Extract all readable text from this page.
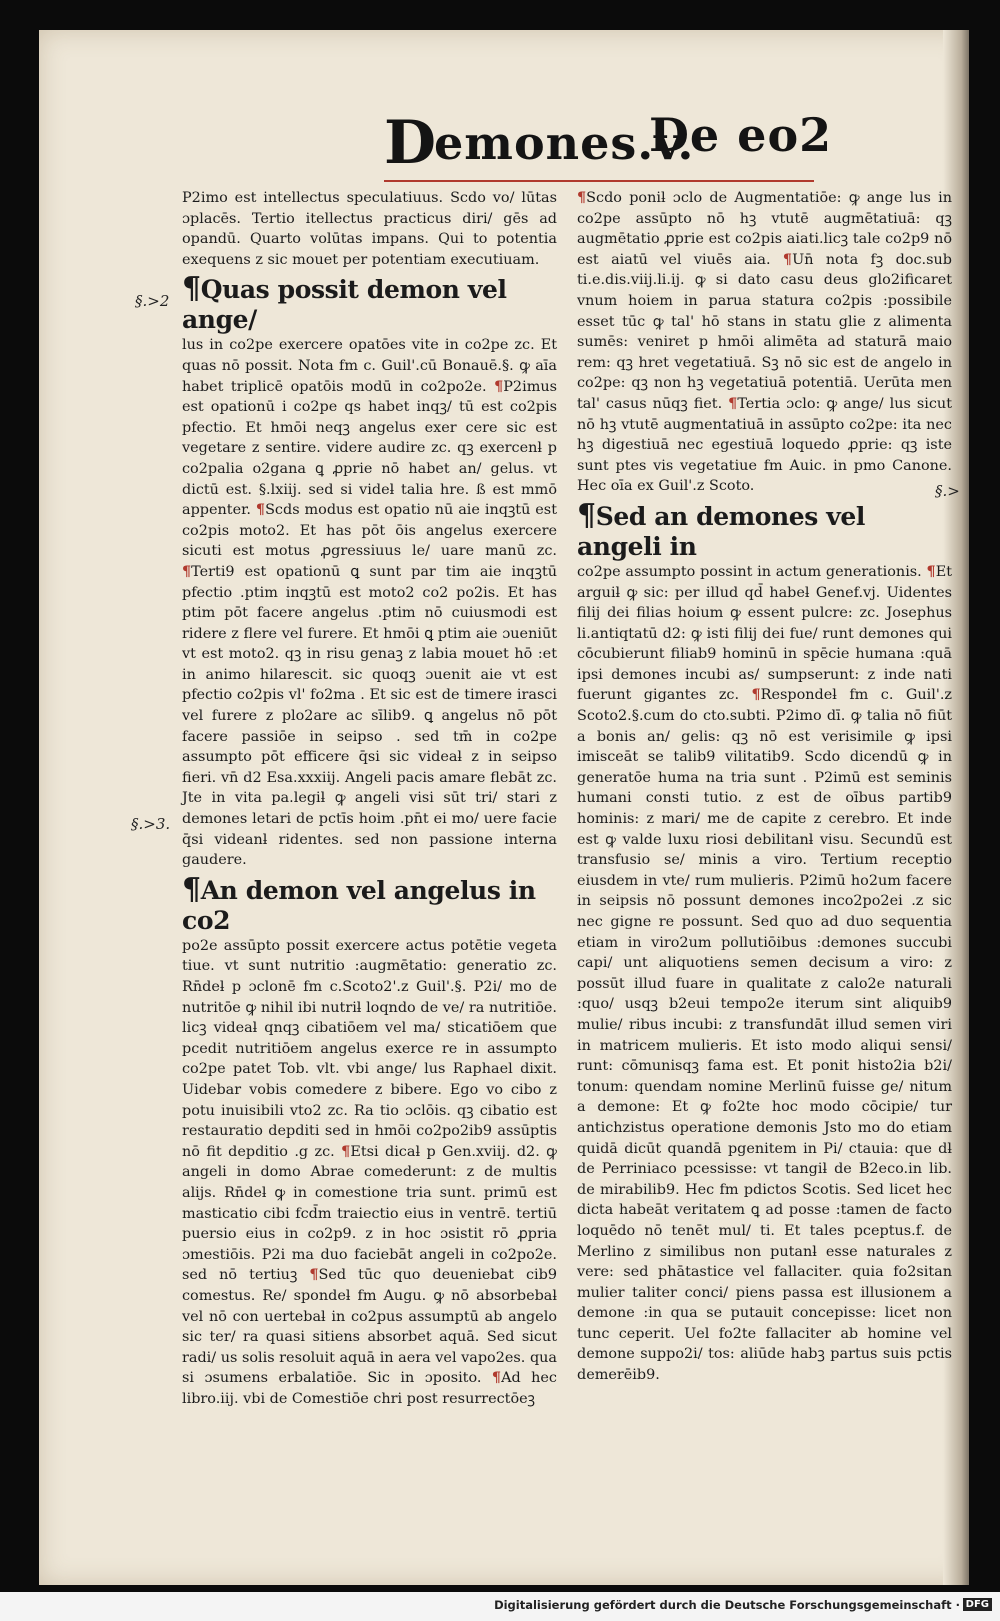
D
emones.v.
De eo2

P2imo est intellectus speculatiuus. Scdo vo/ lūtas ɔplacēs. Tertio itellectus practicus diri/ gēs ad opandū. Quarto volūtas impans. Qui to potentia exequens z sic mouet per potentiam executiuam.

¶Quas possit demon vel ange/

lus in co2pe exercere opatōes vite in co2pe zc. Et quas nō possit. Nota fm c. Guil'.cū Bonauē.§. ꝙ aīa habet triplicē opatōis modū in co2po2e. ¶P2imus est opationū i co2pe qs habet inqꝫ/ tū est co2pis pfectio. Et hmōi neqꝫ angelus exer cere sic est vegetare z sentire. videre audire zc. qꝫ exercenƚ p co2palia o2gana ꝗ ꝓprie nō habet an/ gelus. vt dictū est. §.lxiij. sed si videƚ talia hre. ß est mmō appenter. ¶Scds modus est opatio nū aie inqꝫtū est co2pis moto2. Et has pōt ōis angelus exercere sicuti est motus ꝓgressiuus le/ uare manū zc. ¶Terti9 est opationū ꝗ sunt par tim aie inqꝫtū pfectio .ptim inqꝫtū est moto2 co2 po2is. Et has ptim pōt facere angelus .ptim nō cuiusmodi est ridere z flere vel furere. Et hmōi ꝗ ptim aie ɔueniūt vt est moto2. qꝫ in risu genaꝫ z labia mouet hō :et in animo hilarescit. sic quoqꝫ ɔuenit aie vt est pfectio co2pis vl' fo2ma . Et sic est de timere irasci vel furere z plo2are ac sīlib9. ꝗ angelus nō pōt facere passiōe in seipso . sed tm̄ in co2pe assumpto pōt efficere q̄si sic videaƚ z in seipso fieri. vn̄ d2 Esa.xxxiij. Angeli pacis amare flebāt zc. Jte in vita pa.legiƚ ꝙ angeli visi sūt tri/ stari z demones letari de pctīs hoim .pn̄t ei mo/ uere facie q̄si videanƚ ridentes. sed non passione interna gaudere.

¶An demon vel angelus in co2

po2e assūpto possit exercere actus potētie vegeta tiue. vt sunt nutritio :augmētatio: generatio zc. Rn̄deƚ p ɔclonē fm c.Scoto2'.z Guil'.§. P2i/ mo de nutritōe ꝙ nihil ibi nutriƚ loqndo de ve/ ra nutritiōe. licꝫ videaƚ qnqꝫ cibatiōem vel ma/ sticatiōem que pcedit nutritiōem angelus exerce re in assumpto co2pe patet Tob. vlt. vbi ange/ lus Raphael dixit. Uidebar vobis comedere z bibere. Ego vo cibo z potu inuisibili vto2 zc. Ra tio ɔclōis. qꝫ cibatio est restauratio depditi sed in hmōi co2po2ib9 assūptis nō fit depditio .g zc. ¶Etsi dicaƚ p Gen.xviij. d2. ꝙ angeli in domo Abrae comederunt: z de multis alijs. Rn̄deƚ ꝙ in comestione tria sunt. primū est masticatio cibi fcd̄m traiectio eius in ventrē. tertiū puersio eius in co2p9. z in hoc ɔsistit rō ꝓpria ɔmestiōis. P2i ma duo faciebāt angeli in co2po2e. sed nō tertiuꝫ ¶Sed tūc quo deueniebat cib9 comestus. Re/ spondeƚ fm Augu. ꝙ nō absorbebaƚ vel nō con uertebaƚ in co2pus assumptū ab angelo sic ter/ ra quasi sitiens absorbet aquā. Sed sicut radi/ us solis resoluit aquā in aera vel vapo2es. qua si ɔsumens erbalatiōe. Sic in ɔposito. ¶Ad hec libro.iij. vbi de Comestiōe chri post resurrectōeꝫ

¶Scdo poniƚ ɔclo de Augmentatiōe: ꝙ ange lus in co2pe assūpto nō hꝫ vtutē augmētatiuā: qꝫ augmētatio ꝓprie est co2pis aiati.licꝫ tale co2p9 nō est aiatū vel viuēs aia. ¶Un̄ nota fꝫ doc.sub ti.e.dis.viij.li.ij. ꝙ si dato casu deus glo2ificaret vnum hoiem in parua statura co2pis :possibile esset tūc ꝙ tal' hō stans in statu glie z alimenta sumēs: veniret p hmōi alimēta ad staturā maio rem: qꝫ hret vegetatiuā. Sꝫ nō sic est de angelo in co2pe: qꝫ non hꝫ vegetatiuā potentiā. Uerūta men tal' casus nūqꝫ fiet. ¶Tertia ɔclo: ꝙ ange/ lus sicut nō hꝫ vtutē augmentatiuā in assūpto co2pe: ita nec hꝫ digestiuā nec egestiuā loquedo ꝓprie: qꝫ iste sunt ptes vis vegetatiue fm Auic. in pmo Canone. Hec oīa ex Guil'.z Scoto.

¶Sed an demones vel angeli in

co2pe assumpto possint in actum generationis. ¶Et arguiƚ ꝙ sic: per illud qd̄ habeƚ Genef.vj. Uidentes filij dei filias hoium ꝙ essent pulcre: zc. Josephus li.antiqtatū d2: ꝙ isti filij dei fue/ runt demones qui cōcubierunt filiab9 hominū in spēcie humana :quā ipsi demones incubi as/ sumpserunt: z inde nati fuerunt gigantes zc. ¶Respondeƚ fm c. Guil'.z Scoto2.§.cum do cto.subti. P2imo dī. ꝙ talia nō fiūt a bonis an/ gelis: qꝫ nō est verisimile ꝙ ipsi imisceāt se talib9 vilitatib9. Scdo dicendū ꝙ in generatōe huma na tria sunt . P2imū est seminis humani consti tutio. z est de oībus partib9 hominis: z mari/ me de capite z cerebro. Et inde est ꝙ valde luxu riosi debilitanƚ visu. Secundū est transfusio se/ minis a viro. Tertium receptio eiusdem in vte/ rum mulieris. P2imū ho2um facere in seipsis nō possunt demones inco2po2ei .z sic nec gigne re possunt. Sed quo ad duo sequentia etiam in viro2um pollutiōibus :demones succubi capi/ unt aliquotiens semen decisum a viro: z possūt illud fuare in qualitate z calo2e naturali :quo/ usqꝫ b2eui tempo2e iterum sint aliquib9 mulie/ ribus incubi: z transfundāt illud semen viri in matricem mulieris. Et isto modo aliqui sensi/ runt: cōmunisqꝫ fama est. Et ponit histo2ia b2i/ tonum: quendam nomine Merlinū fuisse ge/ nitum a demone: Et ꝙ fo2te hoc modo cōcipie/ tur antichzistus operatione demonis Jsto mo do etiam quidā dicūt quandā pgenitem in Pi/ ctauia: que dƚ de Perriniaco pcessisse: vt tangiƚ de B2eco.in lib. de mirabilib9. Hec fm pdictos Scotis. Sed licet hec dicta habeāt veritatem ꝗ ad posse :tamen de facto loquēdo nō tenēt mul/ ti. Et tales pceptus.f. de Merlino z similibus non putanƚ esse naturales z vere: sed phātastice vel fallaciter. quia fo2sitan mulier taliter conci/ piens passa est illusionem a demone :in qua se putauit concepisse: licet non tunc ceperit. Uel fo2te fallaciter ab homine vel demone suppo2i/ tos: aliūde habꝫ partus suis pctis demerēib9.

§.>2
§.>3.
§.>
Digitalisierung gefördert durch die Deutsche Forschungsgemeinschaft · DFG
